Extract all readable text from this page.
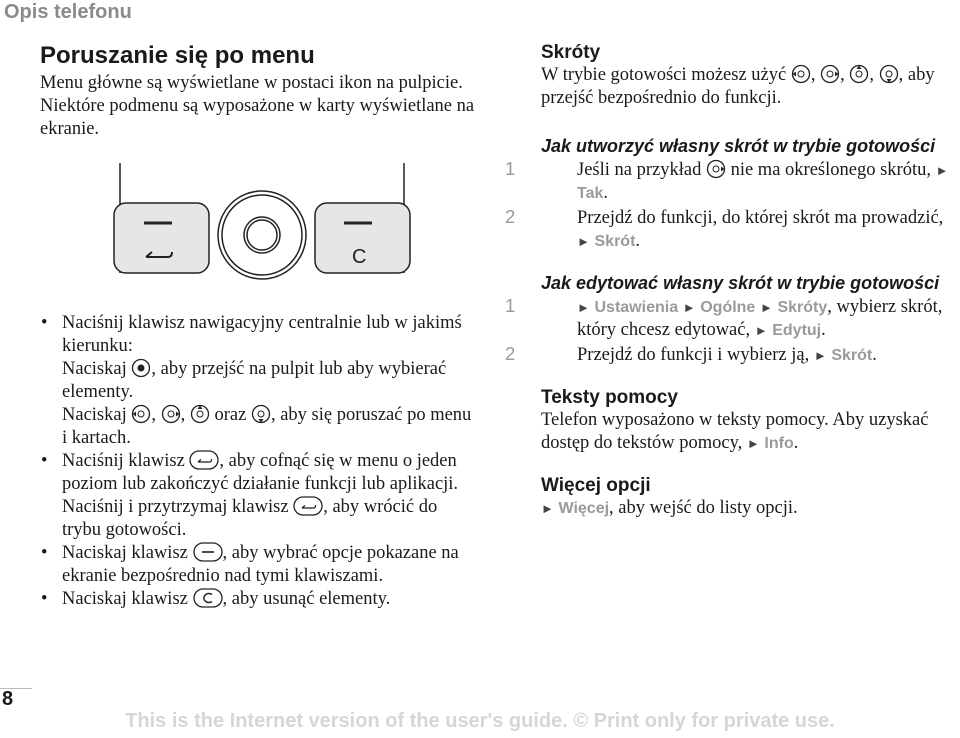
Opis telefonu
Poruszanie się po menu

Menu główne są wyświetlane w postaci ikon na pulpicie. Niektóre podmenu są wyposażone w karty wyświetlane na ekranie.

C
• Naciśnij klawisz nawigacyjny centralnie lub w jakimś kierunku:
Naciskaj , aby przejść na pulpit lub aby wybierać elementy.
Naciskaj , , oraz , aby się poruszać po menu i kartach.
• Naciśnij klawisz , aby cofnąć się w menu o jeden poziom lub zakończyć działanie funkcji lub aplikacji.
Naciśnij i przytrzymaj klawisz , aby wrócić do trybu gotowości.
• Naciskaj klawisz , aby wybrać opcje pokazane na ekranie bezpośrednio nad tymi klawiszami.
• Naciskaj klawisz , aby usunąć elementy.
Skróty

W trybie gotowości możesz użyć , , , , aby przejść bezpośrednio do funkcji.

Jak utworzyć własny skrót w trybie gotowości

1	Jeśli na przykład nie ma określonego skrótu, ► Tak.

2	Przejdź do funkcji, do której skrót ma prowadzić, ► Skrót.

Jak edytować własny skrót w trybie gotowości

1	► Ustawienia ► Ogólne ► Skróty, wybierz skrót, który chcesz edytować, ► Edytuj.

2	Przejdź do funkcji i wybierz ją, ► Skrót.

Teksty pomocy

Telefon wyposażono w teksty pomocy. Aby uzyskać dostęp do tekstów pomocy, ► Info.

Więcej opcji

► Więcej, aby wejść do listy opcji.

8
This is the Internet version of the user's guide. © Print only for private use.
